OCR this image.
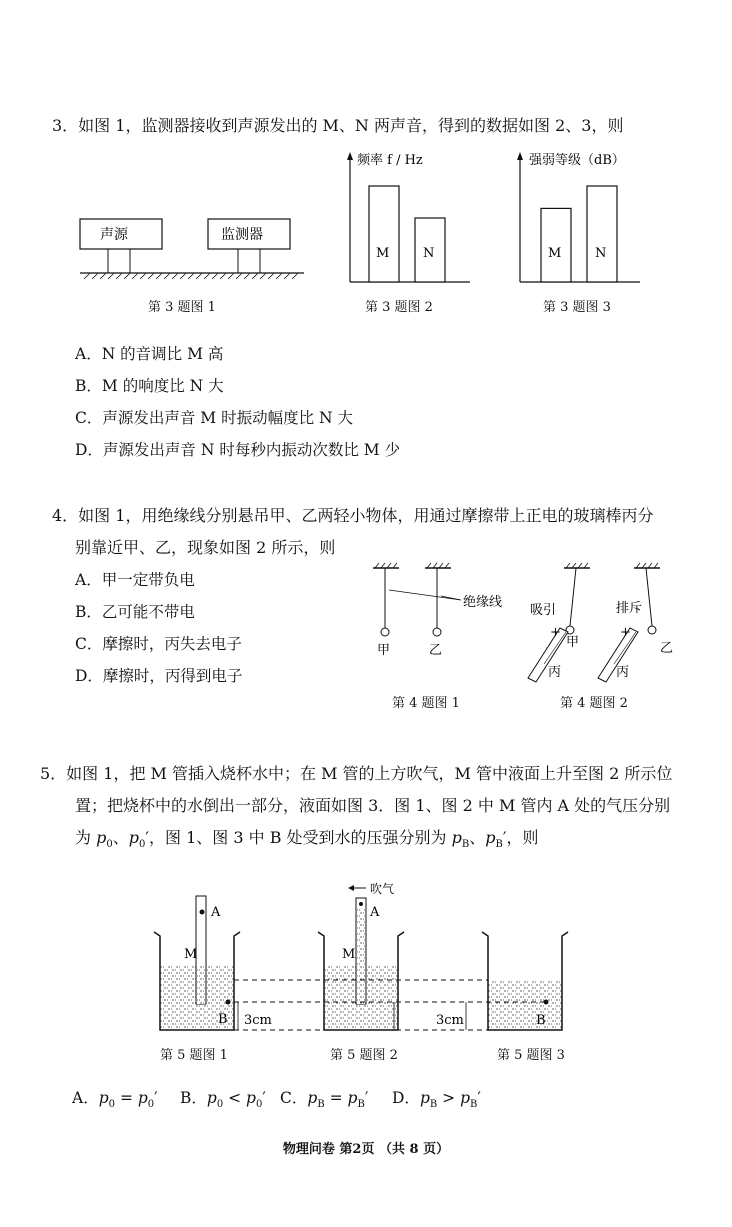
3．如图 1，监测器接收到声源发出的 M、N 两声音，得到的数据如图 2、3，则
声源	监测器
第 3 题图 1
频率 f / Hz
M	N
第 3 题图 2
强弱等级（dB）
M	N
第 3 题图 3
A．N 的音调比 M 高
B．M 的响度比 N 大
C．声源发出声音 M 时振动幅度比 N 大
D．声源发出声音 N 时每秒内振动次数比 M 少
4．如图 1，用绝缘线分别悬吊甲、乙两轻小物体，用通过摩擦带上正电的玻璃棒丙分
别靠近甲、乙，现象如图 2 所示，则
A．甲一定带负电
B．乙可能不带电
C．摩擦时，丙失去电子
D．摩擦时，丙得到电子
绝缘线
甲	乙
第 4 题图 1
吸引	排斥
+	+
甲	乙
丙	丙
第 4 题图 2
5．如图 1，把 M 管插入烧杯水中；在 M 管的上方吹气，M 管中液面上升至图 2 所示位
置；把烧杯中的水倒出一部分，液面如图 3．图 1、图 2 中 M 管内 A 处的气压分别
为 $p_0$、$p_0'$，图 1、图 3 中 B 处受到水的压强分别为 $p_B$、$p_B'$，则
A
M
B 3cm
A
M
吹气
3cm	B
第 5 题图 1	第 5 题图 2	第 5 题图 3
A．$p_0 = p_0'$ B．$p_0 < p_0'$ C．$p_B = p_B'$ D．$p_B > p_B'$
物理问卷 第2页 （共 8 页）
